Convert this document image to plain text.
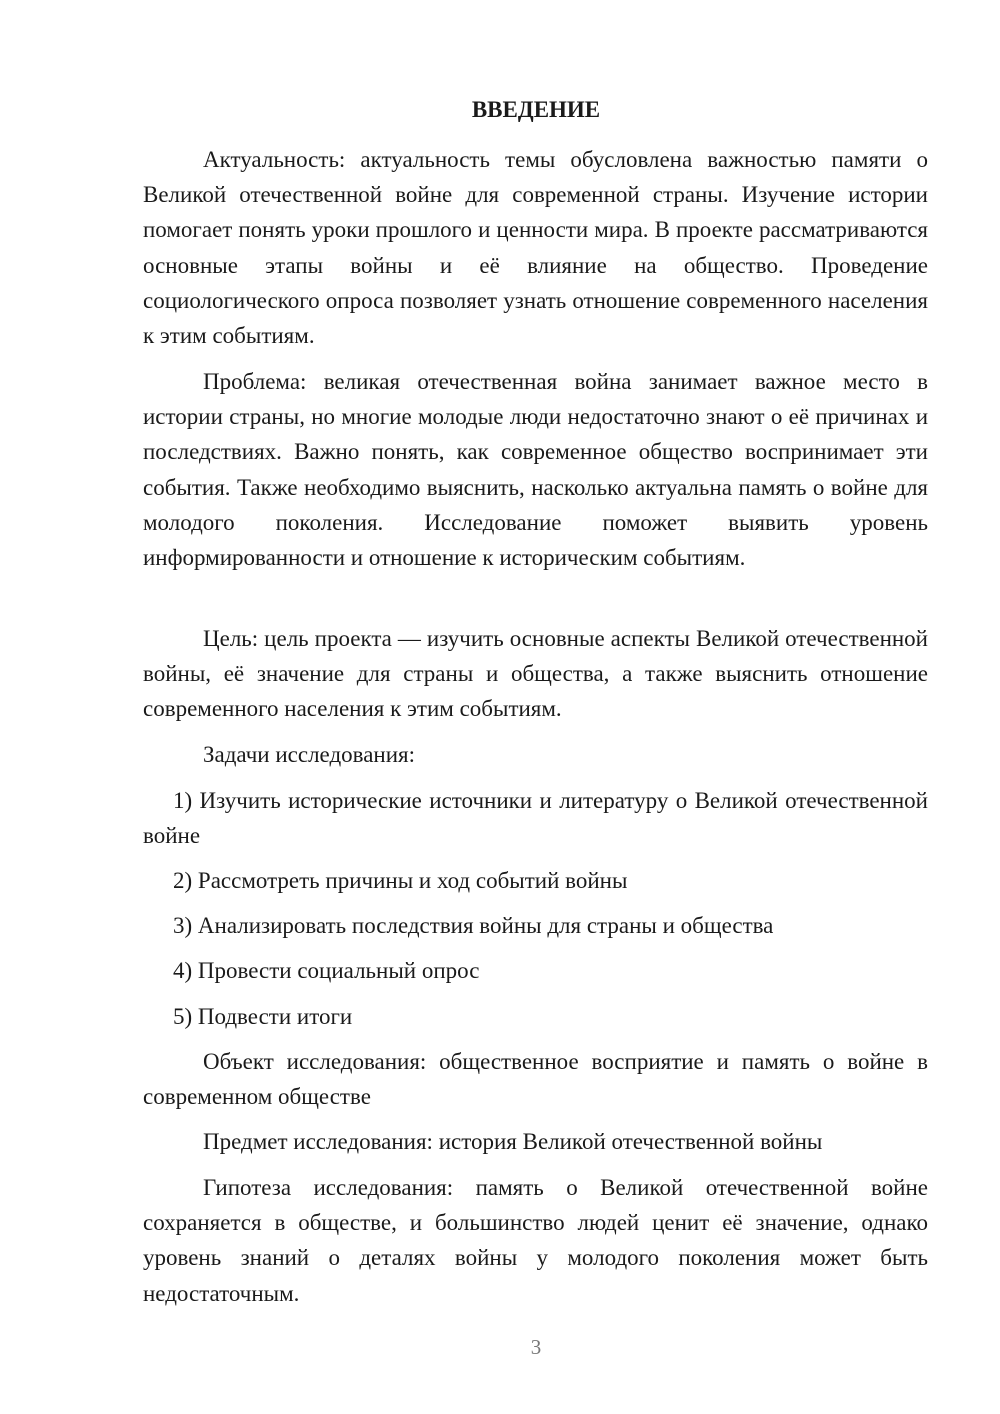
ВВЕДЕНИЕ

Актуальность: актуальность темы обусловлена важностью памяти о Великой отечественной войне для современной страны. Изучение истории помогает понять уроки прошлого и ценности мира. В проекте рассматриваются основные этапы войны и её влияние на общество. Проведение социологического опроса позволяет узнать отношение современного населения к этим событиям.

Проблема: великая отечественная война занимает важное место в истории страны, но многие молодые люди недостаточно знают о её причинах и последствиях. Важно понять, как современное общество воспринимает эти события. Также необходимо выяснить, насколько актуальна память о войне для молодого поколения. Исследование поможет выявить уровень информированности и отношение к историческим событиям.

Цель: цель проекта — изучить основные аспекты Великой отечественной войны, её значение для страны и общества, а также выяснить отношение современного населения к этим событиям.

Задачи исследования:

1) Изучить исторические источники и литературу о Великой отечественной войне

2) Рассмотреть причины и ход событий войны

3) Анализировать последствия войны для страны и общества

4) Провести социальный опрос

5) Подвести итоги

Объект исследования: общественное восприятие и память о войне в современном обществе

Предмет исследования: история Великой отечественной войны

Гипотеза исследования: память о Великой отечественной войне сохраняется в обществе, и большинство людей ценит её значение, однако уровень знаний о деталях войны у молодого поколения может быть недостаточным.

3
